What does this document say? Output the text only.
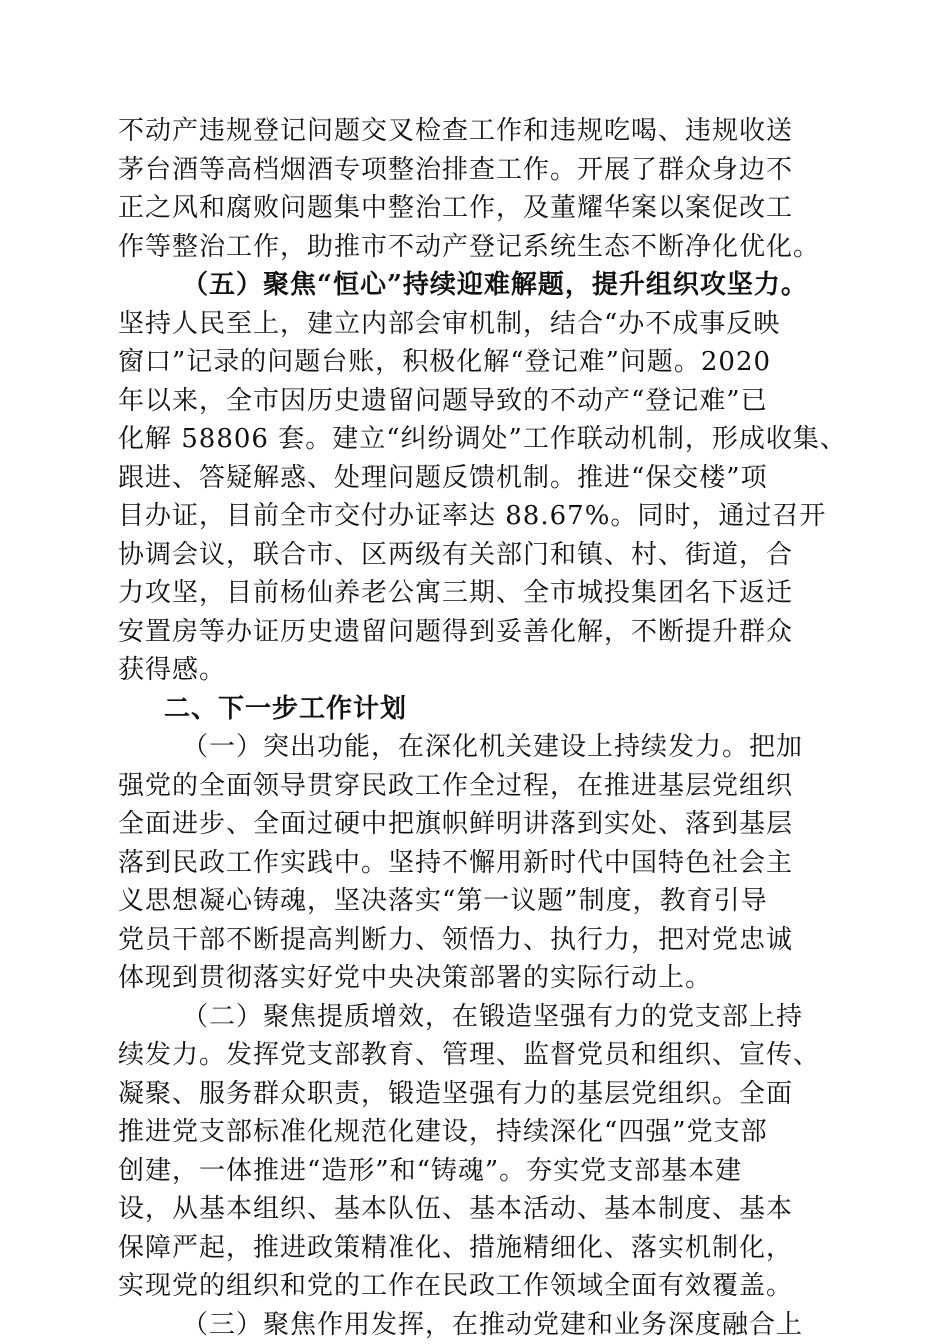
不动产违规登记问题交叉检查工作和违规吃喝、违规收送
茅台酒等高档烟酒专项整治排查工作。开展了群众身边不
正之风和腐败问题集中整治工作，及董耀华案以案促改工
作等整治工作，助推市不动产登记系统生态不断净化优化。
（五）聚焦“恒心”持续迎难解题，提升组织攻坚力。
坚持人民至上，建立内部会审机制，结合“办不成事反映
窗口”记录的问题台账，积极化解“登记难”问题。2020
年以来，全市因历史遗留问题导致的不动产“登记难”已
化解 58806 套。建立“纠纷调处”工作联动机制，形成收集、
跟进、答疑解惑、处理问题反馈机制。推进“保交楼”项
目办证，目前全市交付办证率达 88.67%。同时，通过召开
协调会议，联合市、区两级有关部门和镇、村、街道，合
力攻坚，目前杨仙养老公寓三期、全市城投集团名下返迁
安置房等办证历史遗留问题得到妥善化解，不断提升群众
获得感。
二、下一步工作计划
（一）突出功能，在深化机关建设上持续发力。把加
强党的全面领导贯穿民政工作全过程，在推进基层党组织
全面进步、全面过硬中把旗帜鲜明讲落到实处、落到基层
落到民政工作实践中。坚持不懈用新时代中国特色社会主
义思想凝心铸魂，坚决落实“第一议题”制度，教育引导
党员干部不断提高判断力、领悟力、执行力，把对党忠诚
体现到贯彻落实好党中央决策部署的实际行动上。
（二）聚焦提质增效，在锻造坚强有力的党支部上持
续发力。发挥党支部教育、管理、监督党员和组织、宣传、
凝聚、服务群众职责，锻造坚强有力的基层党组织。全面
推进党支部标准化规范化建设，持续深化“四强”党支部
创建，一体推进“造形”和“铸魂”。夯实党支部基本建
设，从基本组织、基本队伍、基本活动、基本制度、基本
保障严起，推进政策精准化、措施精细化、落实机制化，
实现党的组织和党的工作在民政工作领域全面有效覆盖。
（三）聚焦作用发挥，在推动党建和业务深度融合上
